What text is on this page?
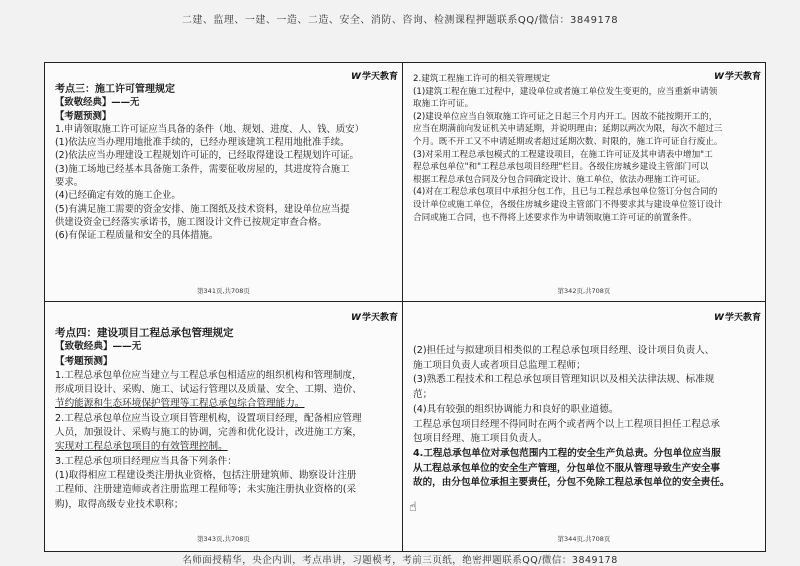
二建、监理、一建、一造、二造、安全、消防、咨询、检测课程押题联系QQ/微信：3849178
W 学天教育
考点三：施工许可管理规定

【致敬经典】——无

【考题预测】

1.申请领取施工许可证应当具备的条件（地、规划、进度、人、钱、质安）

(1)依法应当办理用地批准手续的，已经办理该建筑工程用地批准手续。

(2)依法应当办理建设工程规划许可证的，已经取得建设工程规划许可证。

(3)施工场地已经基本具备施工条件，需要征收房屋的，其进度符合施工

要求。

(4)已经确定有效的施工企业。

(5)有满足施工需要的资金安排、施工图纸及技术资料，建设单位应当提

供建设资金已经落实承诺书，施工图设计文件已按规定审查合格。

(6)有保证工程质量和安全的具体措施。

第341页,共708页
W 学天教育

2.建筑工程施工许可的相关管理规定

(1)建筑工程在施工过程中，建设单位或者施工单位发生变更的，应当重新申请领

取施工许可证。

(2)建设单位应当自领取施工许可证之日起三个月内开工。因故不能按期开工的，

应当在期满前向发证机关申请延期，并说明理由；延期以两次为限，每次不超过三

个月。既不开工又不申请延期或者超过延期次数、时限的，施工许可证自行废止。

(3)对采用工程总承包模式的工程建设项目，在施工许可证及其申请表中增加"工

程总承包单位"和"工程总承包项目经理"栏目。各级住房城乡建设主管部门可以

根据工程总承包合同及分包合同确定设计、施工单位，依法办理施工许可证。

(4)对在工程总承包项目中承担分包工作，且已与工程总承包单位签订分包合同的

设计单位或施工单位，各级住房城乡建设主管部门不得要求其与建设单位签订设计

合同或施工合同，也不得将上述要求作为申请领取施工许可证的前置条件。

第342页,共708页
W 学天教育
考点四：建设项目工程总承包管理规定

【致敬经典】——无

【考题预测】

1.工程总承包单位应当建立与工程总承包相适应的组织机构和管理制度，

形成项目设计、采购、施工、试运行管理以及质量、安全、工期、造价、

节约能源和生态环境保护管理等工程总承包综合管理能力。

2.工程总承包单位应当设立项目管理机构，设置项目经理，配备相应管理

人员，加强设计、采购与施工的协调，完善和优化设计，改进施工方案，

实现对工程总承包项目的有效管理控制。

3.工程总承包项目经理应当具备下列条件：

(1)取得相应工程建设类注册执业资格，包括注册建筑师、勘察设计注册

工程师、注册建造师或者注册监理工程师等；未实施注册执业资格的(采

购)，取得高级专业技术职称；

第343页,共708页
W 学天教育

(2)担任过与拟建项目相类似的工程总承包项目经理、设计项目负责人、

施工项目负责人或者项目总监理工程师；

(3)熟悉工程技术和工程总承包项目管理知识以及相关法律法规、标准规

范；

(4)具有较强的组织协调能力和良好的职业道德。

工程总承包项目经理不得同时在两个或者两个以上工程项目担任工程总承

包项目经理、施工项目负责人。

4.工程总承包单位对承包范围内工程的安全生产负总责。分包单位应当服

从工程总承包单位的安全生产管理，分包单位不服从管理导致生产安全事

故的，由分包单位承担主要责任，分包不免除工程总承包单位的安全责任。

☝
第344页,共708页
名师面授精华，央企内训，考点串讲，习题模考，考前三页纸，绝密押题联系QQ/微信：3849178
